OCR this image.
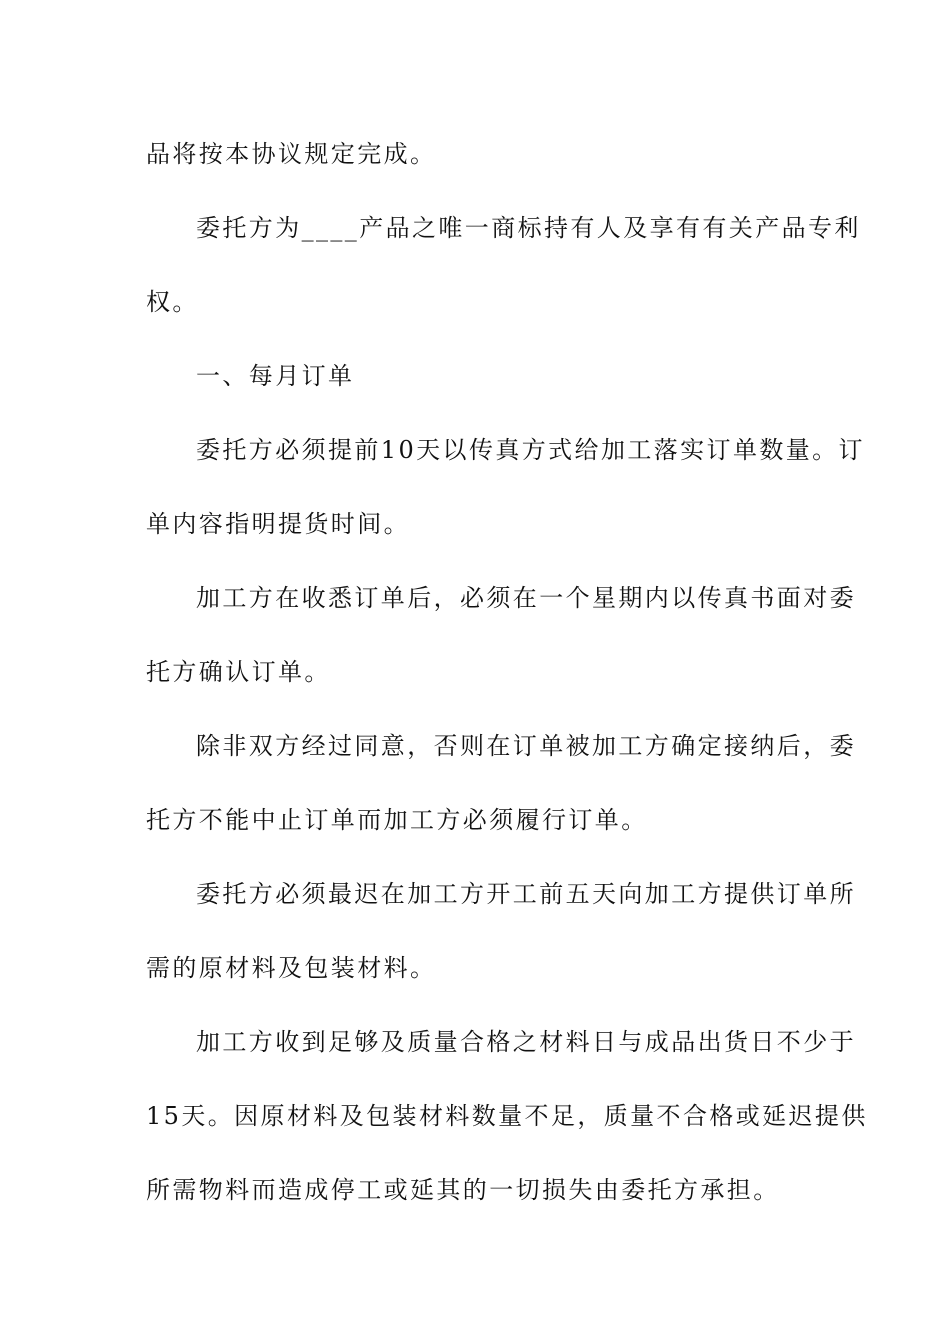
品将按本协议规定完成。
委托方为____产品之唯一商标持有人及享有有关产品专利
权。
一、每月订单
委托方必须提前10天以传真方式给加工落实订单数量。订
单内容指明提货时间。
加工方在收悉订单后，必须在一个星期内以传真书面对委
托方确认订单。
除非双方经过同意，否则在订单被加工方确定接纳后，委
托方不能中止订单而加工方必须履行订单。
委托方必须最迟在加工方开工前五天向加工方提供订单所
需的原材料及包装材料。
加工方收到足够及质量合格之材料日与成品出货日不少于
15天。因原材料及包装材料数量不足，质量不合格或延迟提供
所需物料而造成停工或延其的一切损失由委托方承担。
